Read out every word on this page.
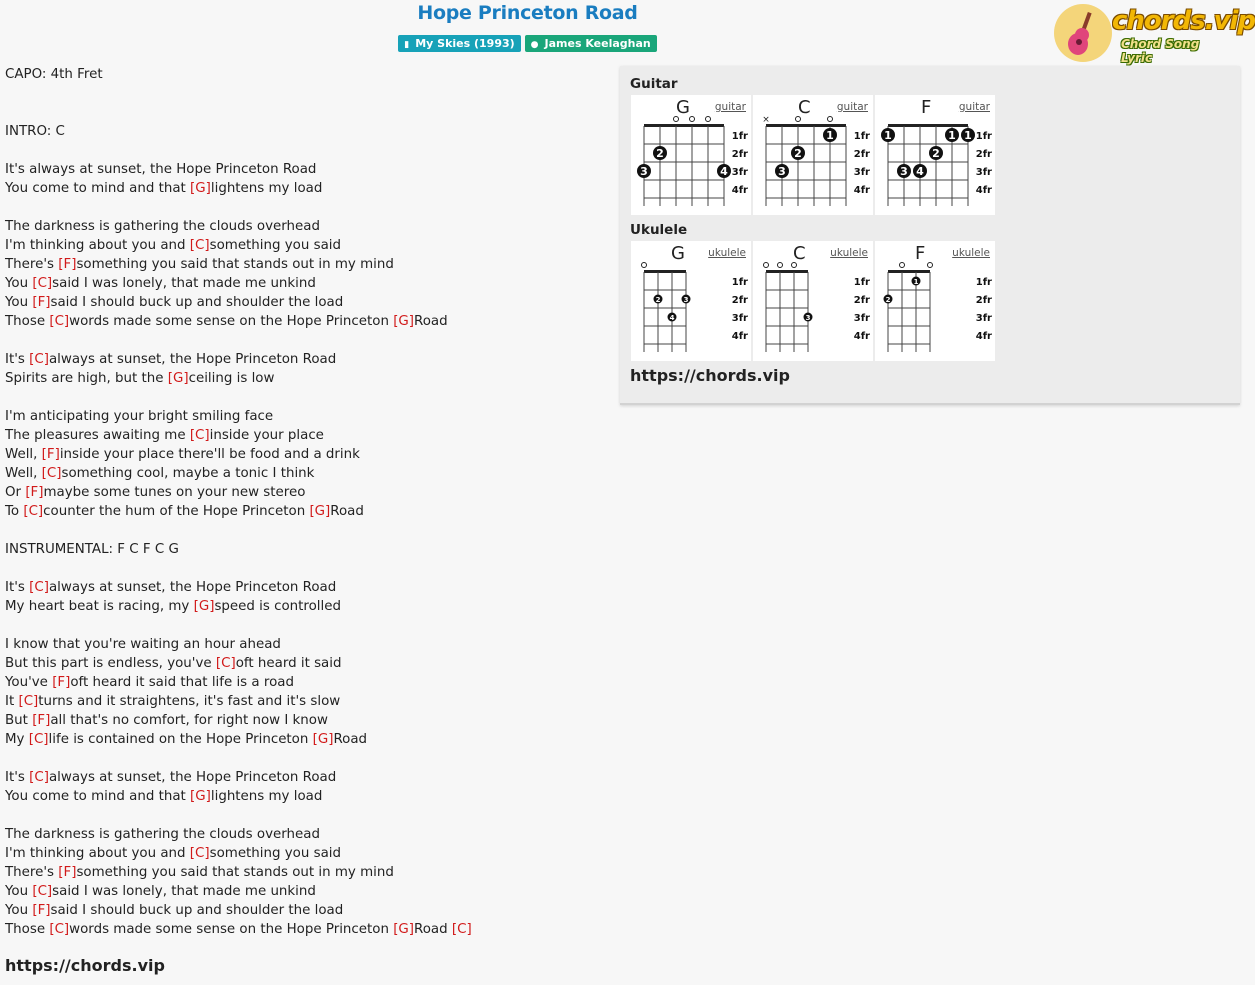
Hope Princeton Road
▮ My Skies (1993) ● James Keelaghan
chords.vip
Chord Song Lyric
CAPO: 4th Fret
INTRO: C
It's always at sunset, the Hope Princeton Road
You come to mind and that [G]lightens my load
The darkness is gathering the clouds overhead
I'm thinking about you and [C]something you said
There's [F]something you said that stands out in my mind
You [C]said I was lonely, that made me unkind
You [F]said I should buck up and shoulder the load
Those [C]words made some sense on the Hope Princeton [G]Road
It's [C]always at sunset, the Hope Princeton Road
Spirits are high, but the [G]ceiling is low
I'm anticipating your bright smiling face
The pleasures awaiting me [C]inside your place
Well, [F]inside your place there'll be food and a drink
Well, [C]something cool, maybe a tonic I think
Or [F]maybe some tunes on your new stereo
To [C]counter the hum of the Hope Princeton [G]Road
INSTRUMENTAL: F C F C G
It's [C]always at sunset, the Hope Princeton Road
My heart beat is racing, my [G]speed is controlled
I know that you're waiting an hour ahead
But this part is endless, you've [C]oft heard it said
You've [F]oft heard it said that life is a road
It [C]turns and it straightens, it's fast and it's slow
But [F]all that's no comfort, for right now I know
My [C]life is contained on the Hope Princeton [G]Road
It's [C]always at sunset, the Hope Princeton Road
You come to mind and that [G]lightens my load
The darkness is gathering the clouds overhead
I'm thinking about you and [C]something you said
There's [F]something you said that stands out in my mind
You [C]said I was lonely, that made me unkind
You [F]said I should buck up and shoulder the load
Those [C]words made some sense on the Hope Princeton [G]Road [C]
https://chords.vip
Guitar
2
3	4
1fr
2fr
3fr
4fr
G guitar
×
1
2
3
1fr
2fr
3fr
4fr
C	guitar
1	1 1
2
3 4
1fr
2fr
3fr
4fr
F	guitar
Ukulele
2	3
4
1fr
2fr
3fr
4fr
G ukulele
3
1fr
2fr
3fr
4fr
C ukulele
1
2
1fr
2fr
3fr
4fr
F	ukulele
https://chords.vip
